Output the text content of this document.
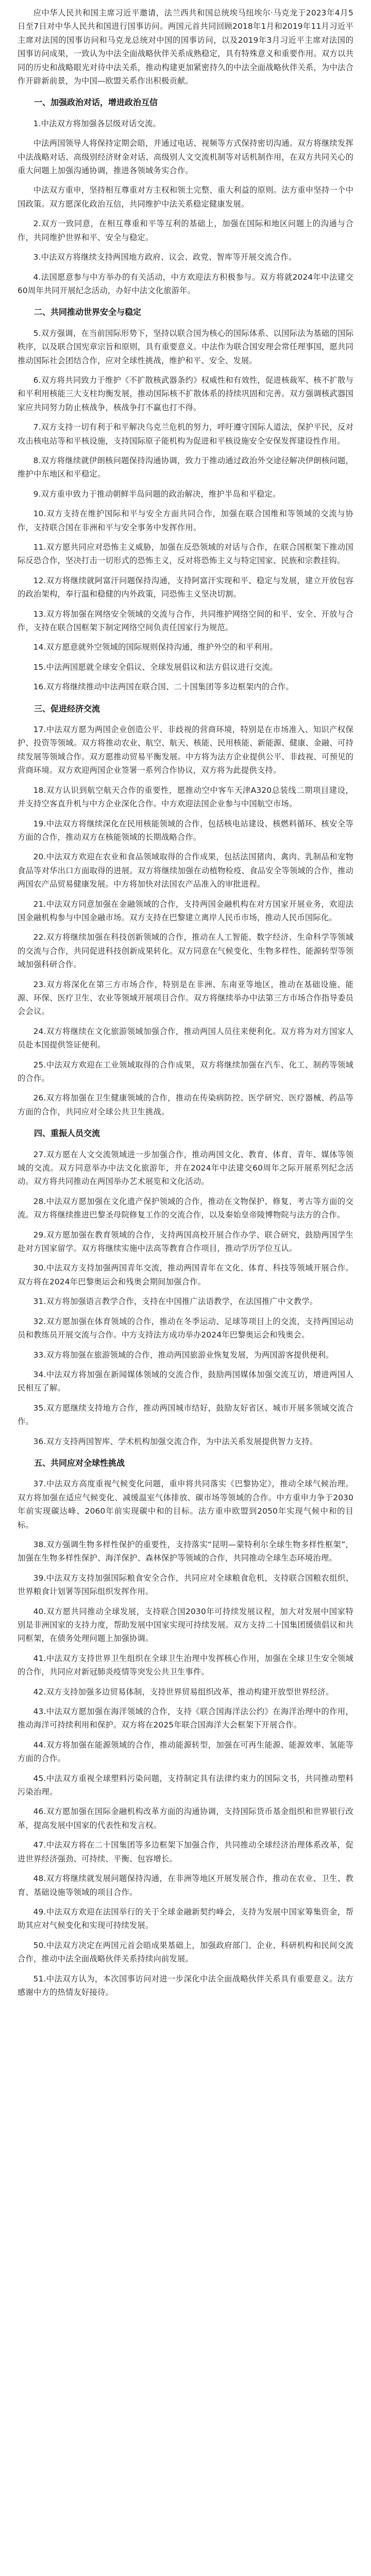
应中华人民共和国主席习近平邀请，法兰西共和国总统埃马纽埃尔·马克龙于2023年4月5日至7日对中华人民共和国进行国事访问。两国元首共同回顾2018年1月和2019年11月习近平主席对法国的国事访问和马克龙总统对中国的国事访问，以及2019年3月习近平主席对法国的国事访问成果，一致认为中法全面战略伙伴关系成熟稳定，具有特殊意义和重要作用。双方以共同的历史和战略眼光对待中法关系，推动构建更加紧密持久的中法全面战略伙伴关系，为中法合作开辟新前景，为中国—欧盟关系作出积极贡献。

一、加强政治对话，增进政治互信

1.中法双方将加强各层级对话交流。

中法两国领导人将保持定期会晤，并通过电话、视频等方式保持密切沟通。双方将继续发挥中法战略对话、高级别经济财金对话、高级别人文交流机制等对话机制作用，在双方共同关心的重大问题上加强沟通协调，推进各领域务实合作。

中法双方重申，坚持相互尊重对方主权和领土完整、重大利益的原则。法方重申坚持一个中国政策。双方愿深化政治互信，共同维护中法关系稳定健康发展。

2.双方一致同意，在相互尊重和平等互利的基础上，加强在国际和地区问题上的沟通与合作，共同维护世界和平、安全与稳定。

3.中法双方将继续支持两国地方政府、议会、政党、智库等开展交流合作。

4.法国愿意参与中方举办的有关活动，中方欢迎法方积极参与。双方将就2024年中法建交60周年共同开展纪念活动，办好中法文化旅游年。

二、共同推动世界安全与稳定

5.双方强调，在当前国际形势下，坚持以联合国为核心的国际体系、以国际法为基础的国际秩序，以及联合国宪章宗旨和原则，具有重要意义。中法作为联合国安理会常任理事国，愿共同推动国际社会团结合作，应对全球性挑战，维护和平、安全、发展。

6.双方将共同致力于维护《不扩散核武器条约》权威性和有效性，促进核裁军、核不扩散与和平利用核能三大支柱均衡发展，推动国际核不扩散体系的持续巩固和完善。双方强调核武器国家应共同努力防止核战争，核战争打不赢也打不得。

7.双方支持一切有利于和平解决乌克兰危机的努力，呼吁遵守国际人道法，保护平民，反对攻击核电站等和平核设施，支持国际原子能机构为促进和平核设施安全安保发挥建设性作用。

8.双方将继续就伊朗核问题保持沟通协调，致力于推动通过政治外交途径解决伊朗核问题，维护中东地区和平稳定。

9.双方重申致力于推动朝鲜半岛问题的政治解决，维护半岛和平稳定。

10.双方支持在维护国际和平与安全方面共同合作，加强在联合国维和等领域的交流与协作，支持联合国在非洲和平与安全事务中发挥作用。

11.双方愿共同应对恐怖主义威胁，加强在反恐领域的对话与合作，在联合国框架下推动国际反恐合作，坚决打击一切形式的恐怖主义，反对将恐怖主义与特定国家、民族和宗教挂钩。

12.双方将继续就阿富汗问题保持沟通，支持阿富汗实现和平、稳定与发展，建立开放包容的政治架构，奉行温和稳健的内外政策，同恐怖主义坚决切割。

13.双方将加强在网络安全领域的交流与合作，共同维护网络空间的和平、安全、开放与合作，支持在联合国框架下制定网络空间负责任国家行为规范。

14.双方愿意就外空领域的国际规则保持沟通，维护外空的和平利用。

15.中法两国愿就全球安全倡议、全球发展倡议和法方倡议进行交流。

16.双方将继续推动中法两国在联合国、二十国集团等多边框架内的合作。

三、促进经济交流

17.中法双方愿为两国企业创造公平、非歧视的营商环境，特别是在市场准入、知识产权保护、投资等领域。双方将推动农业、航空、航天、核能、民用核能、新能源、健康、金融、可持续发展等领域合作。双方愿推动贸易平衡发展。中方将为法方企业提供公平、非歧视、可预见的营商环境。双方欢迎两国企业签署一系列合作协议，双方将为此提供支持。

18.双方认识到航空航天合作的重要性，愿推动空中客车天津A320总装线二期项目建设，并支持空客直升机与中方企业深化合作。中方欢迎法国企业参与中国航空市场。

19.中法双方将继续深化在民用核能领域的合作，包括核电站建设、核燃料循环、核安全等方面的合作，推动双方在核能领域的长期战略合作。

20.中法双方欢迎在农业和食品领域取得的合作成果，包括法国猪肉、禽肉、乳制品和宠物食品等对华出口方面取得的进展。双方将继续加强在动植物检疫、食品安全等领域的合作，推动两国农产品贸易健康发展。中方将加快对法国农产品准入的审批进程。

21.中法双方同意加强在金融领域的合作，支持两国金融机构在对方国家开展业务，欢迎法国金融机构参与中国金融市场。双方支持在巴黎建立离岸人民币市场，推动人民币国际化。

22.双方将继续加强在科技创新领域的合作，推动在人工智能、数字经济、生命科学等领域的交流与合作，共同促进科技创新成果转化。双方同意在气候变化、生物多样性、能源转型等领域加强科研合作。

23.双方将深化在第三方市场合作，特别是在非洲、东南亚等地区，推动在基础设施、能源、环保、医疗卫生、农业等领域开展项目合作。双方将继续举办中法第三方市场合作指导委员会会议。

24.双方将继续在文化旅游领域加强合作，推动两国人员往来便利化。双方将为对方国家人员赴本国提供签证便利。

25.中法双方欢迎在工业领域取得的合作成果，双方将继续加强在汽车、化工、制药等领域的合作。

26.双方将加强在卫生健康领域的合作，推动在传染病防控、医学研究、医疗器械、药品等方面的合作，共同应对全球公共卫生挑战。

四、重振人员交流

27.双方愿在人文交流领域进一步加强合作，推动两国文化、教育、体育、青年、媒体等领域的交流。双方同意举办中法文化旅游年，并在2024年中法建交60周年之际开展系列纪念活动。双方将共同推动在两国举办艺术展览和文化活动。

28.中法双方愿加强在文化遗产保护领域的合作，推动在文物保护、修复、考古等方面的交流。双方将继续推进巴黎圣母院修复工作的交流合作，以及秦始皇帝陵博物院与法方的合作。

29.双方愿加强在教育领域的合作，支持两国高校开展合作办学、联合研究，鼓励两国学生赴对方国家留学。双方将继续实施中法高等教育合作项目，推动学历学位互认。

30.中法双方支持加强两国青年交流，推动两国青年在文化、体育、科技等领域开展合作。双方将在2024年巴黎奥运会和残奥会期间加强合作。

31.双方将加强语言教学合作，支持在中国推广法语教学，在法国推广中文教学。

32.双方愿加强在体育领域的合作，推动在冬季运动、足球等项目上的交流，支持两国运动员和教练员开展交流与合作。中方支持法方成功举办2024年巴黎奥运会和残奥会。

33.双方将加强在旅游领域的合作，推动两国旅游业恢复发展，为两国游客提供便利。

34.中法双方将加强在新闻媒体领域的交流合作，鼓励两国媒体加强交流互访，增进两国人民相互了解。

35.双方愿继续支持地方合作，推动两国城市结好，鼓励友好省区、城市开展多领域交流合作。

36.双方支持两国智库、学术机构加强交流合作，为中法关系发展提供智力支持。

五、共同应对全球性挑战

37.中法双方高度重视气候变化问题，重申将共同落实《巴黎协定》，推动全球气候治理。双方将加强在适应气候变化、减缓温室气体排放、碳市场等领域的合作。中方重申力争于2030年前实现碳达峰、2060年前实现碳中和的目标。法方重申欧盟到2050年实现气候中和的目标。

38.双方强调生物多样性保护的重要性，支持落实“昆明—蒙特利尔全球生物多样性框架”，加强在生物多样性保护、海洋保护、森林保护等领域的合作，共同推动全球生态环境治理。

39.中法双方支持加强国际粮食安全合作，共同应对全球粮食危机，支持联合国粮农组织、世界粮食计划署等国际组织发挥作用。

40.双方愿共同推动全球发展，支持联合国2030年可持续发展议程，加大对发展中国家特别是非洲国家的支持力度，帮助发展中国家实现可持续发展。双方支持二十国集团缓债倡议和共同框架，在债务处理问题上加强协调。

41.中法双方支持世界卫生组织在全球卫生治理中发挥核心作用，加强在全球卫生安全领域的合作，共同应对新冠肺炎疫情等突发公共卫生事件。

42.双方支持加强多边贸易体制，支持世界贸易组织改革，推动构建开放型世界经济。

43.中法双方愿加强在海洋领域的合作，支持《联合国海洋法公约》在海洋治理中的作用，推动海洋可持续利用和保护。双方将在2025年联合国海洋大会框架下开展合作。

44.双方将加强在能源领域的合作，推动能源转型，加强在可再生能源、能源效率、氢能等方面的合作。

45.中法双方重视全球塑料污染问题，支持制定具有法律约束力的国际文书，共同推动塑料污染治理。

46.双方愿加强在国际金融机构改革方面的沟通协调，支持国际货币基金组织和世界银行改革，提高发展中国家的代表性和发言权。

47.中法双方将在二十国集团等多边框架下加强合作，共同推动全球经济治理体系改革，促进世界经济强劲、可持续、平衡、包容增长。

48.双方将继续就发展问题保持沟通，在非洲等地区开展发展合作，推动在农业、卫生、教育、基础设施等领域的项目合作。

49.中法双方欢迎在法国举行的关于全球金融新契约峰会，支持为发展中国家筹集资金，帮助其应对气候变化和实现可持续发展。

50.中法双方决定在两国元首会晤成果基础上，加强政府部门、企业、科研机构和民间交流合作，推动中法全面战略伙伴关系持续向前发展。

51.中法双方认为，本次国事访问对进一步深化中法全面战略伙伴关系具有重要意义。法方感谢中方的热情友好接待。
